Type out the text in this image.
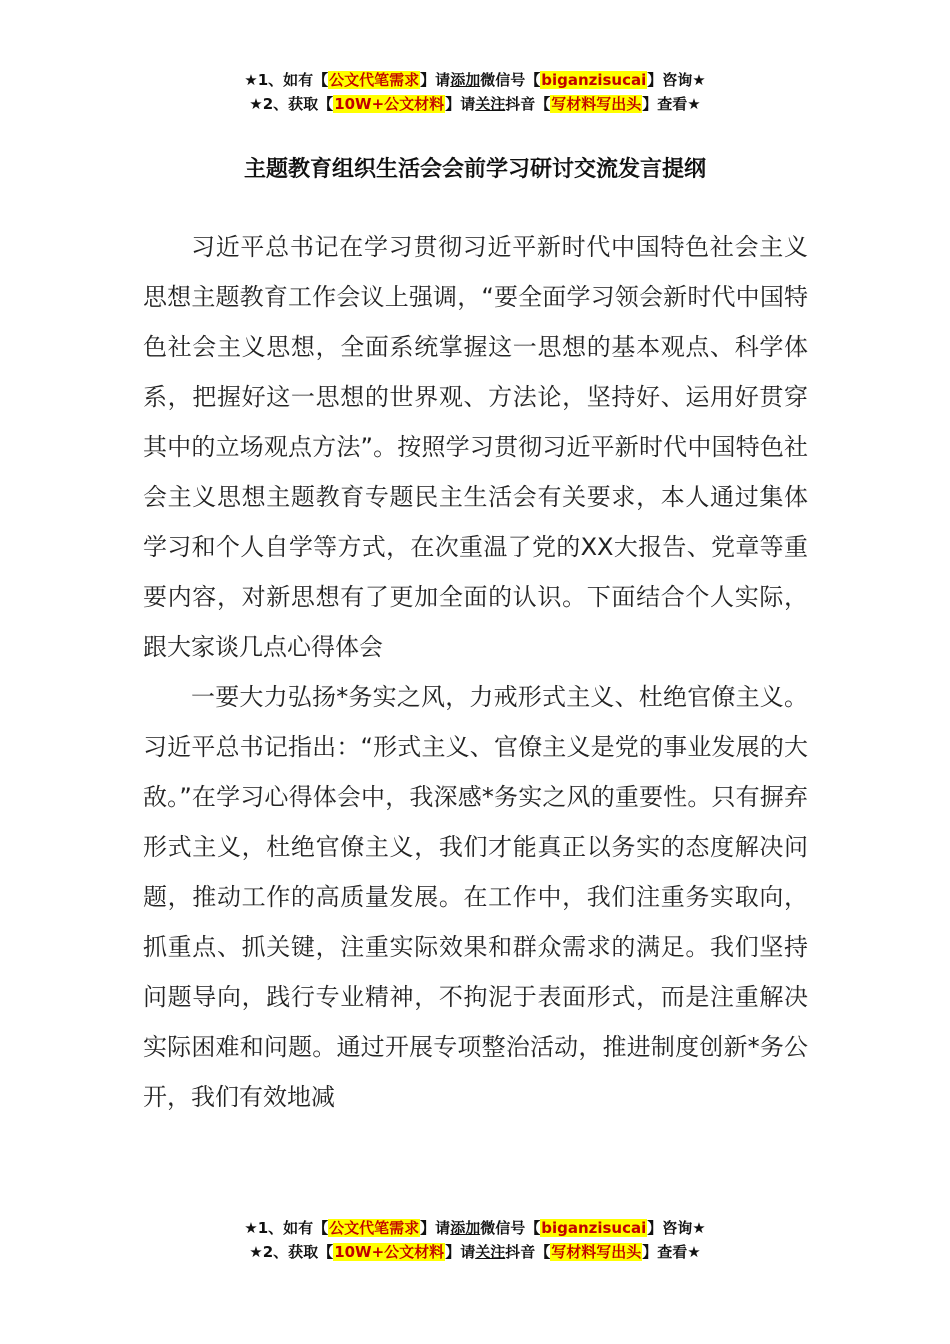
★1、如有【公文代笔需求】请添加微信号【biganzisucai】咨询★
★2、获取【10W+公文材料】请关注抖音【写材料写出头】查看★
主题教育组织生活会会前学习研讨交流发言提纲

习近平总书记在学习贯彻习近平新时代中国特色社会主义思想主题教育工作会议上强调，“要全面学习领会新时代中国特色社会主义思想，全面系统掌握这一思想的基本观点、科学体系，把握好这一思想的世界观、方法论，坚持好、运用好贯穿其中的立场观点方法”。按照学习贯彻习近平新时代中国特色社会主义思想主题教育专题民主生活会有关要求，本人通过集体学习和个人自学等方式，在次重温了党的XX大报告、党章等重要内容，对新思想有了更加全面的认识。下面结合个人实际，跟大家谈几点心得体会

一要大力弘扬*务实之风，力戒形式主义、杜绝官僚主义。习近平总书记指出：“形式主义、官僚主义是党的事业发展的大敌。”在学习心得体会中，我深感*务实之风的重要性。只有摒弃形式主义，杜绝官僚主义，我们才能真正以务实的态度解决问题，推动工作的高质量发展。在工作中，我们注重务实取向，抓重点、抓关键，注重实际效果和群众需求的满足。我们坚持问题导向，践行专业精神，不拘泥于表面形式，而是注重解决实际困难和问题。通过开展专项整治活动，推进制度创新*务公开，我们有效地减

★1、如有【公文代笔需求】请添加微信号【biganzisucai】咨询★
★2、获取【10W+公文材料】请关注抖音【写材料写出头】查看★
